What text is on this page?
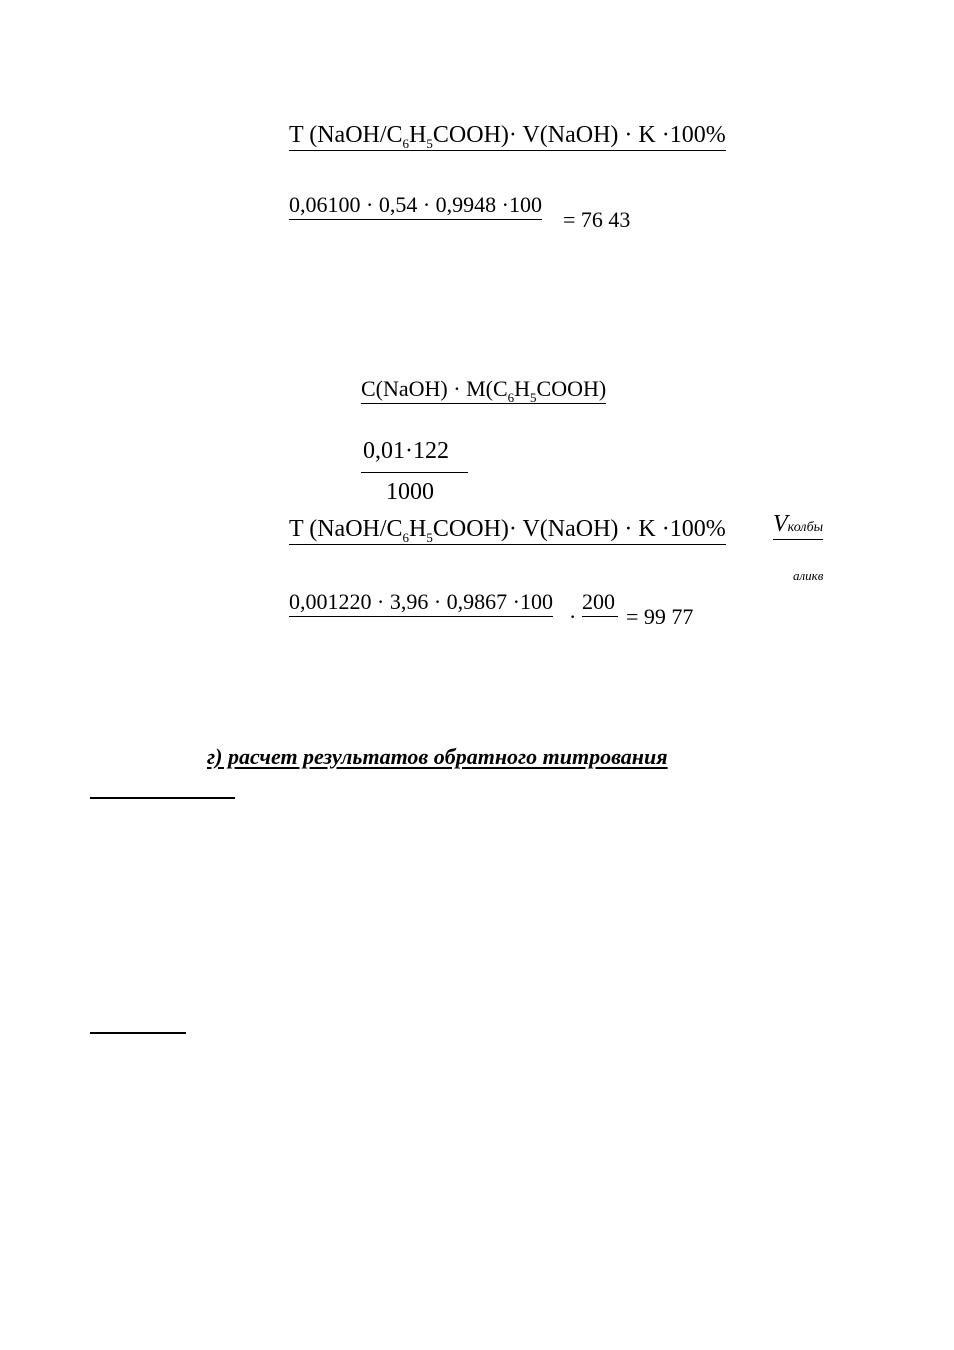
T $(NaOH/C_6H_5COOH)\cdot$ V(NaOH) · K ·100%
0,06100 · 0,54 · 0,9948 ·100
= 76 43
C(NaOH) · $M(C_6H_5COOH)$
0,01·122
1000
T $(NaOH/C_6H_5COOH)\cdot$ V(NaOH) · K ·100% Vколбы
аликв
0,001220 · 3,96 · 0,9867 ·100
·
200
= 99 77
г) расчет результатов обратного титрования
